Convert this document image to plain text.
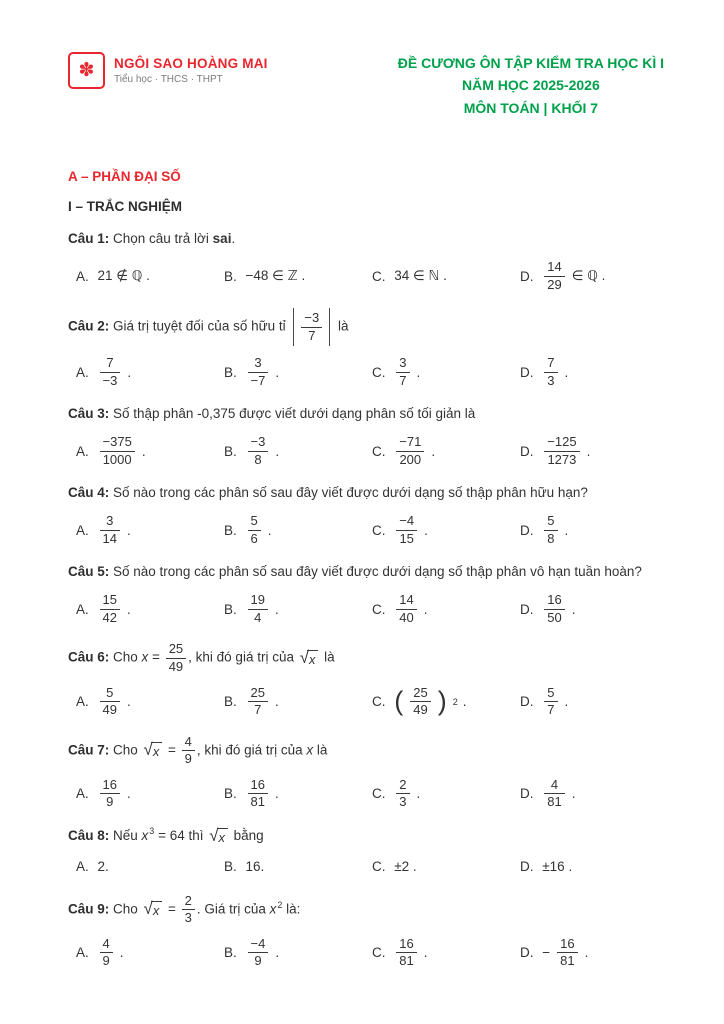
✽ NGÔI SAO HOÀNG MAI
Tiểu học · THCS · THPT
ĐỀ CƯƠNG ÔN TẬP KIỂM TRA HỌC KÌ I
NĂM HỌC 2025-2026
MÔN TOÁN | KHỐI 7
A – PHẦN ĐẠI SỐ
I – TRẮC NGHIỆM

Câu 1: Chọn câu trả lời sai.

A. 21 ∉ ℚ .	B. −48 ∈ ℤ .	C. 34 ∈ ℕ .	D. $\frac{14}{29}$ ∈ ℚ .

Câu 2: Giá trị tuyệt đối của số hữu tỉ $\frac{-3}{7}$ là

A. $\frac{7}{-3}$ .	B. $\frac{3}{-7}$ .	C. $\frac{3}{7}$ .	D. $\frac{7}{3}$ .

Câu 3: Số thập phân -0,375 được viết dưới dạng phân số tối giản là

A. $\frac{-375}{1000}$ .	B. $\frac{-3}{8}$ .	C. $\frac{-71}{200}$ .	D. $\frac{-125}{1273}$ .

Câu 4: Số nào trong các phân số sau đây viết được dưới dạng số thập phân hữu hạn?

A. $\frac{3}{14}$ .	B. $\frac{5}{6}$ .	C. $\frac{-4}{15}$ .	D. $\frac{5}{8}$ .

Câu 5: Số nào trong các phân số sau đây viết được dưới dạng số thập phân vô hạn tuần hoàn?

A. $\frac{15}{42}$ .	B. $\frac{19}{4}$ .	C. $\frac{14}{40}$ .	D. $\frac{16}{50}$ .

Câu 6: Cho $x = \frac{25}{49}$ , khi đó giá trị của √ x là

A. $\frac{5}{49}$ .	B. $\frac{25}{7}$ .	C. ( $\frac{25}{49}$ ) 2 .	D. $\frac{5}{7}$ .

Câu 7: Cho √ $x = \frac{4}{9}$ , khi đó giá trị của x là

A. $\frac{16}{9}$ .	B. $\frac{16}{81}$ .	C. $\frac{2}{3}$ .	D. $\frac{4}{81}$ .

Câu 8: Nếu $x^3 = 64$ thì √ x bằng

A. 2.	B. 16.	C. ±2 .	D. ±16 .

Câu 9: Cho √ $x = \frac{2}{3}$ . Giá trị của $x^2$ là:

A. $\frac{4}{9}$ .	B. $\frac{-4}{9}$ .	C. $\frac{16}{81}$ .	D. − $\frac{16}{81}$ .
